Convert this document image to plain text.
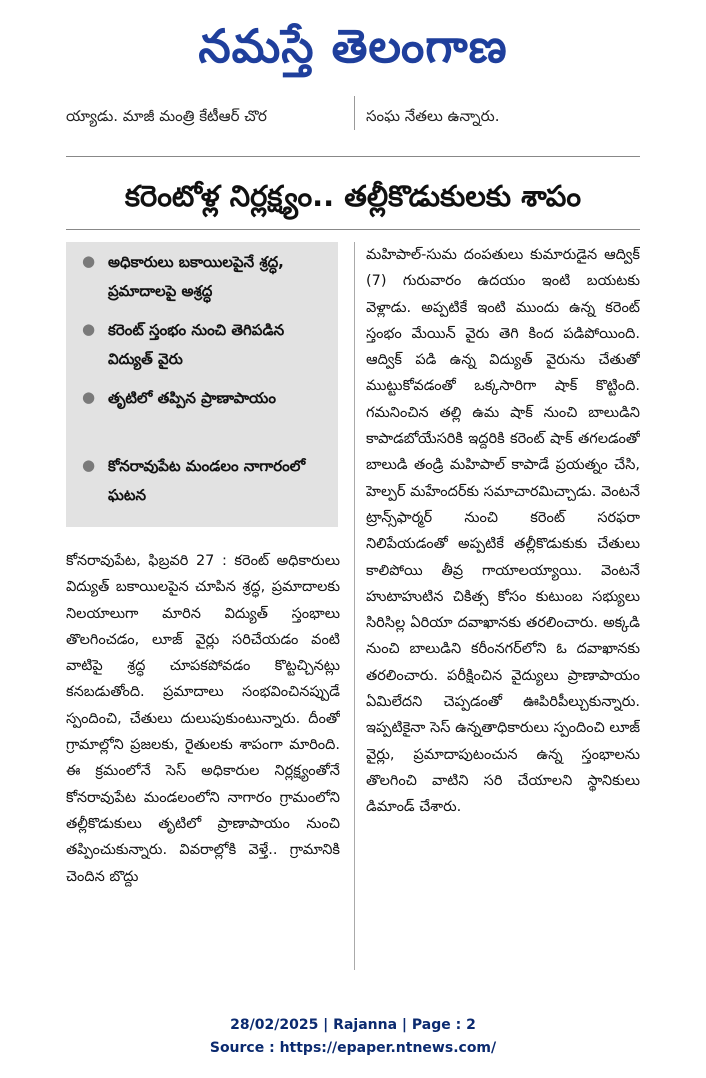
నమస్తే తెలంగాణ
య్యాడు. మాజీ మంత్రి కేటీఆర్ చొర	సంఘ నేతలు ఉన్నారు.
కరెంటోళ్ల నిర్లక్ష్యం.. తల్లీకొడుకులకు శాపం
● అధికారులు బకాయిలపైనే శ్రద్ధ, ప్రమాదాలపై అశ్రద్ధ
● కరెంట్ స్తంభం నుంచి తెగిపడిన విద్యుత్ వైరు
● తృటిలో తప్పిన ప్రాణాపాయం
● కోనరావుపేట మండలం నాగారంలో ఘటన
కోనరావుపేట, ఫిబ్రవరి 27 : కరెంట్ అధికారులు విద్యుత్ బకాయిలపైన చూపిన శ్రద్ధ, ప్రమాదాలకు నిలయాలుగా మారిన విద్యుత్ స్తంభాలు తొలగించడం, లూజ్ వైర్లు సరిచేయడం వంటి వాటిపై శ్రద్ధ చూపకపోవడం కొట్టచ్చినట్లు కనబడుతోంది. ప్రమాదాలు సంభవించినప్పుడే స్పందించి, చేతులు దులుపుకుంటున్నారు. దీంతో గ్రామాల్లోని ప్రజలకు, రైతులకు శాపంగా మారింది. ఈ క్రమంలోనే సెస్ అధికారుల నిర్లక్ష్యంతోనే కోనరావుపేట మండలంలోని నాగారం గ్రామంలోని తల్లీకొడుకులు తృటిలో ప్రాణాపాయం నుంచి తప్పించుకున్నారు. వివరాల్లోకి వెళ్తే.. గ్రామానికి చెందిన బొద్దు
మహిపాల్-సుమ దంపతులు కుమారుడైన ఆద్విక్ (7) గురువారం ఉదయం ఇంటి బయటకు వెళ్లాడు. అప్పటికే ఇంటి ముందు ఉన్న కరెంట్ స్తంభం మేయిన్ వైరు తెగి కింద పడిపోయింది. ఆద్విక్ పడి ఉన్న విద్యుత్ వైరును చేతుతో ముట్టుకోవడంతో ఒక్కసారిగా షాక్ కొట్టింది. గమనించిన తల్లి ఉమ షాక్ నుంచి బాలుడిని కాపాడబోయేసరికి ఇద్దరికి కరెంట్ షాక్ తగలడంతో బాలుడి తండ్రి మహిపాల్ కాపాడే ప్రయత్నం చేసి, హెల్పర్ మహేందర్‌కు సమాచారమిచ్చాడు. వెంటనే ట్రాన్స్‌ఫార్మర్ నుంచి కరెంట్ సరఫరా నిలిపేయడంతో అప్పటికే తల్లీకొడుకుకు చేతులు కాలిపోయి తీవ్ర గాయాలయ్యాయి. వెంటనే హుటాహుటిన చికిత్స కోసం కుటుంబ సభ్యులు సిరిసిల్ల ఏరియా దవాఖానకు తరలించారు. అక్కడి నుంచి బాలుడిని కరీంనగర్‌లోని ఓ దవాఖానకు తరలించారు. పరీక్షించిన వైద్యులు ప్రాణాపాయం ఏమిలేదని చెప్పడంతో ఊపిరిపీల్చుకున్నారు. ఇప్పటికైనా సెస్ ఉన్నతాధికారులు స్పందించి లూజ్ వైర్లు, ప్రమాదాపుటంచున ఉన్న స్తంభాలను తొలగించి వాటిని సరి చేయాలని స్థానికులు డిమాండ్ చేశారు.
28/02/2025 | Rajanna | Page : 2
Source : https://epaper.ntnews.com/
